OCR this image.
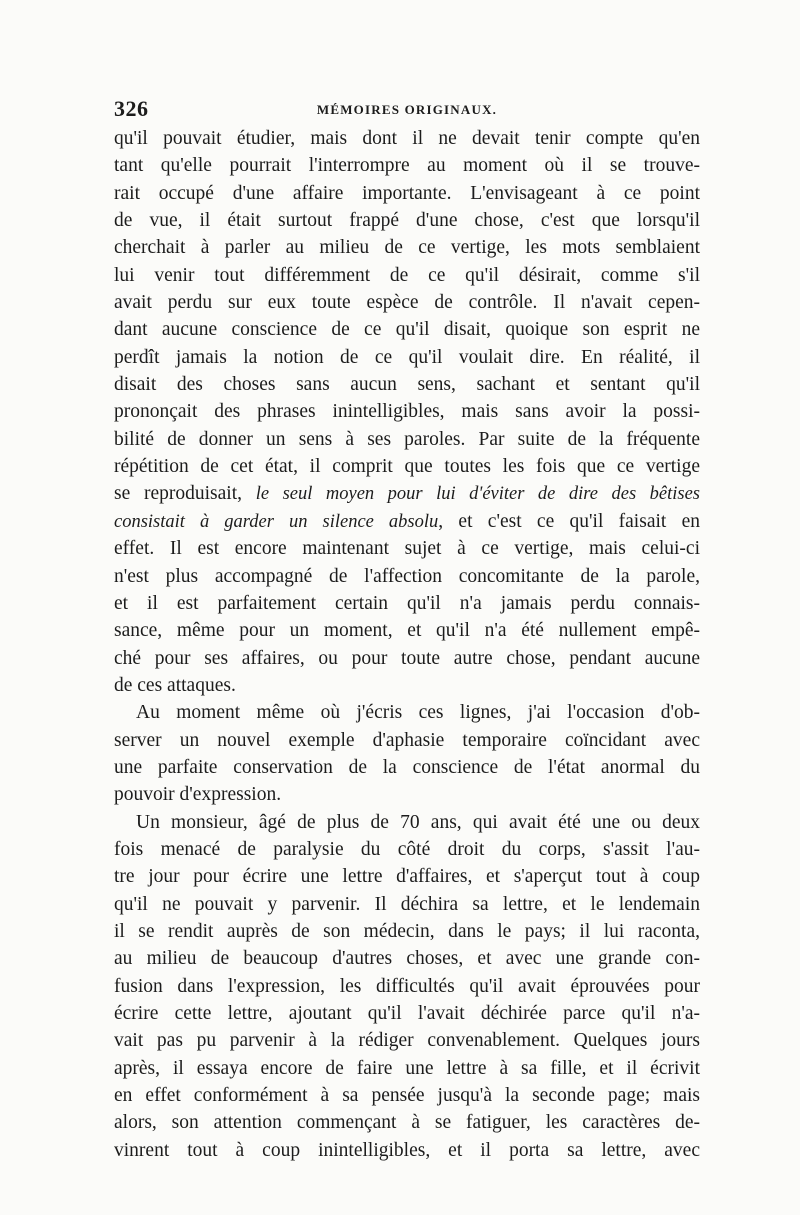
326	MÉMOIRES ORIGINAUX.
qu'il pouvait étudier, mais dont il ne devait tenir compte qu'en
tant qu'elle pourrait l'interrompre au moment où il se trouve-
rait occupé d'une affaire importante. L'envisageant à ce point
de vue, il était surtout frappé d'une chose, c'est que lorsqu'il
cherchait à parler au milieu de ce vertige, les mots semblaient
lui venir tout différemment de ce qu'il désirait, comme s'il
avait perdu sur eux toute espèce de contrôle. Il n'avait cepen-
dant aucune conscience de ce qu'il disait, quoique son esprit ne
perdît jamais la notion de ce qu'il voulait dire. En réalité, il
disait des choses sans aucun sens, sachant et sentant qu'il
prononçait des phrases inintelligibles, mais sans avoir la possi-
bilité de donner un sens à ses paroles. Par suite de la fréquente
répétition de cet état, il comprit que toutes les fois que ce vertige
se reproduisait, le seul moyen pour lui d'éviter de dire des bêtises
consistait à garder un silence absolu, et c'est ce qu'il faisait en
effet. Il est encore maintenant sujet à ce vertige, mais celui-ci
n'est plus accompagné de l'affection concomitante de la parole,
et il est parfaitement certain qu'il n'a jamais perdu connais-
sance, même pour un moment, et qu'il n'a été nullement empê-
ché pour ses affaires, ou pour toute autre chose, pendant aucune
de ces attaques.
Au moment même où j'écris ces lignes, j'ai l'occasion d'ob-
server un nouvel exemple d'aphasie temporaire coïncidant avec
une parfaite conservation de la conscience de l'état anormal du
pouvoir d'expression.
Un monsieur, âgé de plus de 70 ans, qui avait été une ou deux
fois menacé de paralysie du côté droit du corps, s'assit l'au-
tre jour pour écrire une lettre d'affaires, et s'aperçut tout à coup
qu'il ne pouvait y parvenir. Il déchira sa lettre, et le lendemain
il se rendit auprès de son médecin, dans le pays; il lui raconta,
au milieu de beaucoup d'autres choses, et avec une grande con-
fusion dans l'expression, les difficultés qu'il avait éprouvées pour
écrire cette lettre, ajoutant qu'il l'avait déchirée parce qu'il n'a-
vait pas pu parvenir à la rédiger convenablement. Quelques jours
après, il essaya encore de faire une lettre à sa fille, et il écrivit
en effet conformément à sa pensée jusqu'à la seconde page; mais
alors, son attention commençant à se fatiguer, les caractères de-
vinrent tout à coup inintelligibles, et il porta sa lettre, avec
